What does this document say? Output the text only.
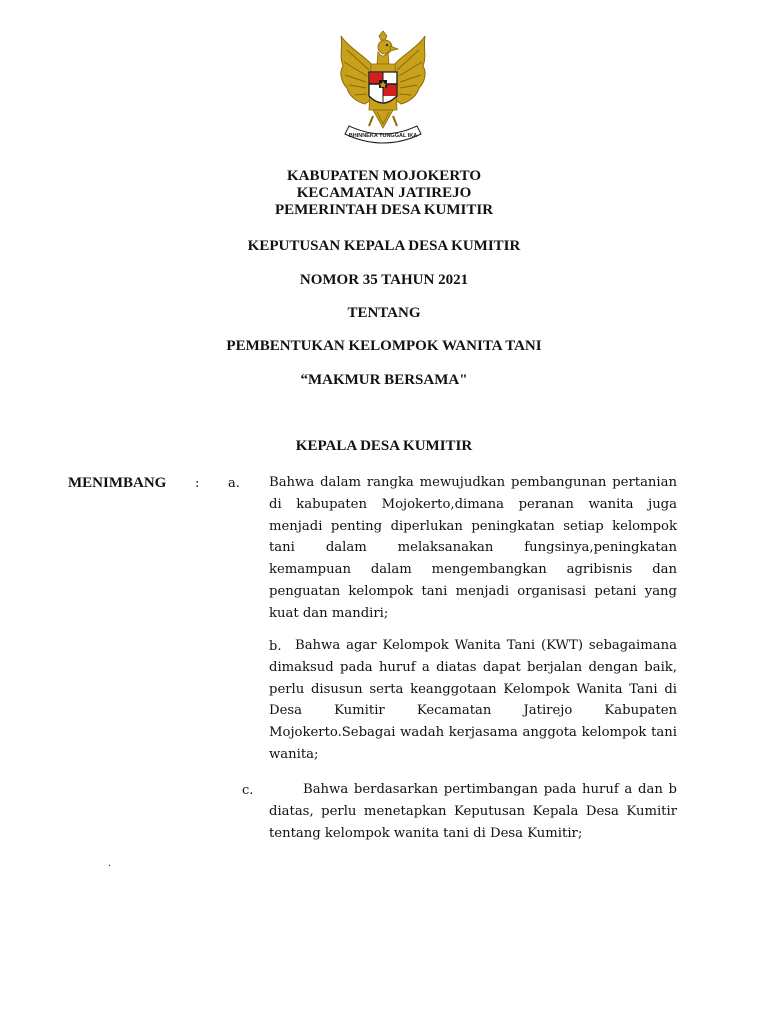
BHINNEKA TUNGGAL IKA
KABUPATEN MOJOKERTO
KECAMATAN JATIREJO
PEMERINTAH DESA KUMITIR
KEPUTUSAN KEPALA DESA KUMITIR
NOMOR 35 TAHUN 2021
TENTANG
PEMBENTUKAN KELOMPOK WANITA TANI
“MAKMUR BERSAMA"
KEPALA DESA KUMITIR
MENIMBANG : a. Bahwa dalam rangka mewujudkan pembangunan pertanian di kabupaten Mojokerto,dimana peranan wanita juga menjadi penting diperlukan peningkatan setiap kelompok tani dalam melaksanakan fungsinya,peningkatan kemampuan dalam mengembangkan agribisnis dan penguatan kelompok tani menjadi organisasi petani yang kuat dan mandiri;

b.	Bahwa agar Kelompok Wanita Tani (KWT) sebagaimana dimaksud pada huruf a diatas dapat berjalan dengan baik, perlu disusun serta keanggotaan Kelompok Wanita Tani di Desa Kumitir Kecamatan Jatirejo Kabupaten Mojokerto.Sebagai wadah kerjasama anggota kelompok tani wanita;

c.	Bahwa berdasarkan pertimbangan pada huruf a dan b diatas, perlu menetapkan Keputusan Kepala Desa Kumitir tentang kelompok wanita tani di Desa Kumitir;

.
